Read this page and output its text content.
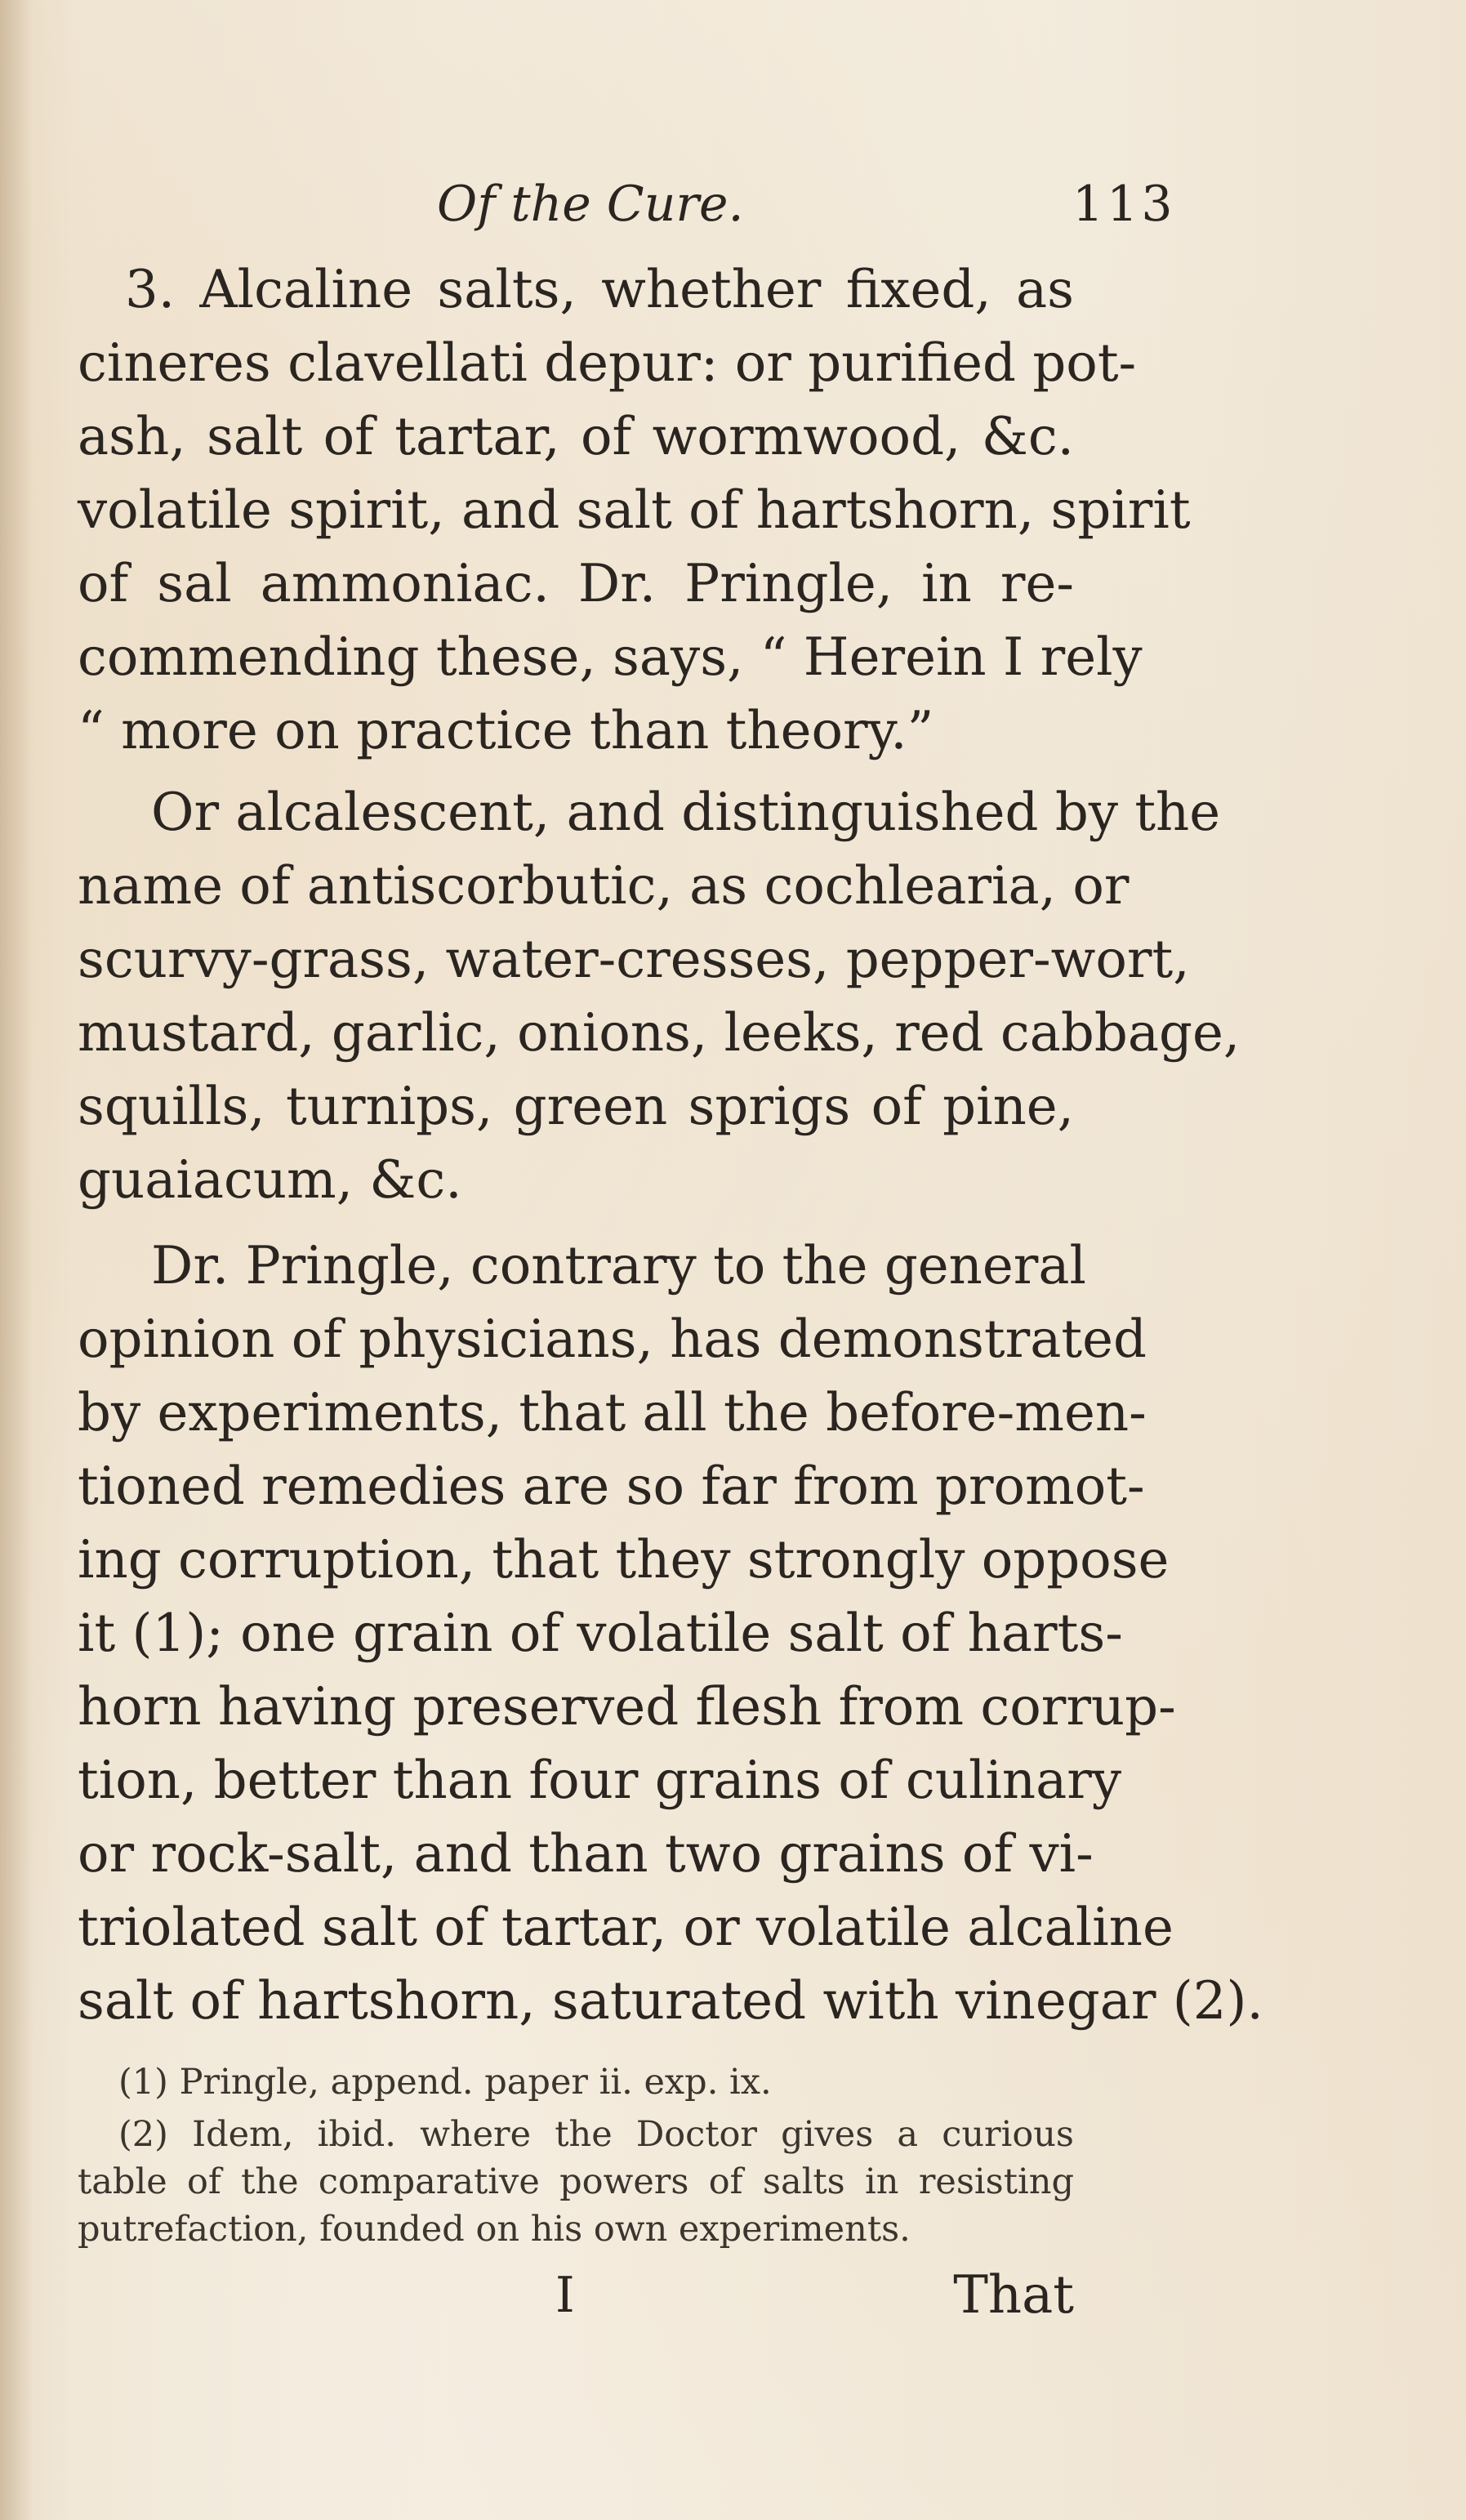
Of the Cure.	113
3. Alcaline salts, whether fixed, as
cineres clavellati depur: or purified pot-
ash, salt of tartar, of wormwood, &c.
volatile spirit, and salt of hartshorn, spirit
of sal ammoniac. Dr. Pringle, in re-
commending these, says, “ Herein I rely
“ more on practice than theory.”
Or alcalescent, and distinguished by the
name of antiscorbutic, as cochlearia, or
scurvy-grass, water-cresses, pepper-wort,
mustard, garlic, onions, leeks, red cabbage,
squills, turnips, green sprigs of pine,
guaiacum, &c.
Dr. Pringle, contrary to the general
opinion of physicians, has demonstrated
by experiments, that all the before-men-
tioned remedies are so far from promot-
ing corruption, that they strongly oppose
it (1); one grain of volatile salt of harts-
horn having preserved flesh from corrup-
tion, better than four grains of culinary
or rock-salt, and than two grains of vi-
triolated salt of tartar, or volatile alcaline
salt of hartshorn, saturated with vinegar (2).
(1) Pringle, append. paper ii. exp. ix.
(2) Idem, ibid. where the Doctor gives a curious
table of the comparative powers of salts in resisting
putrefaction, founded on his own experiments.
I	That
